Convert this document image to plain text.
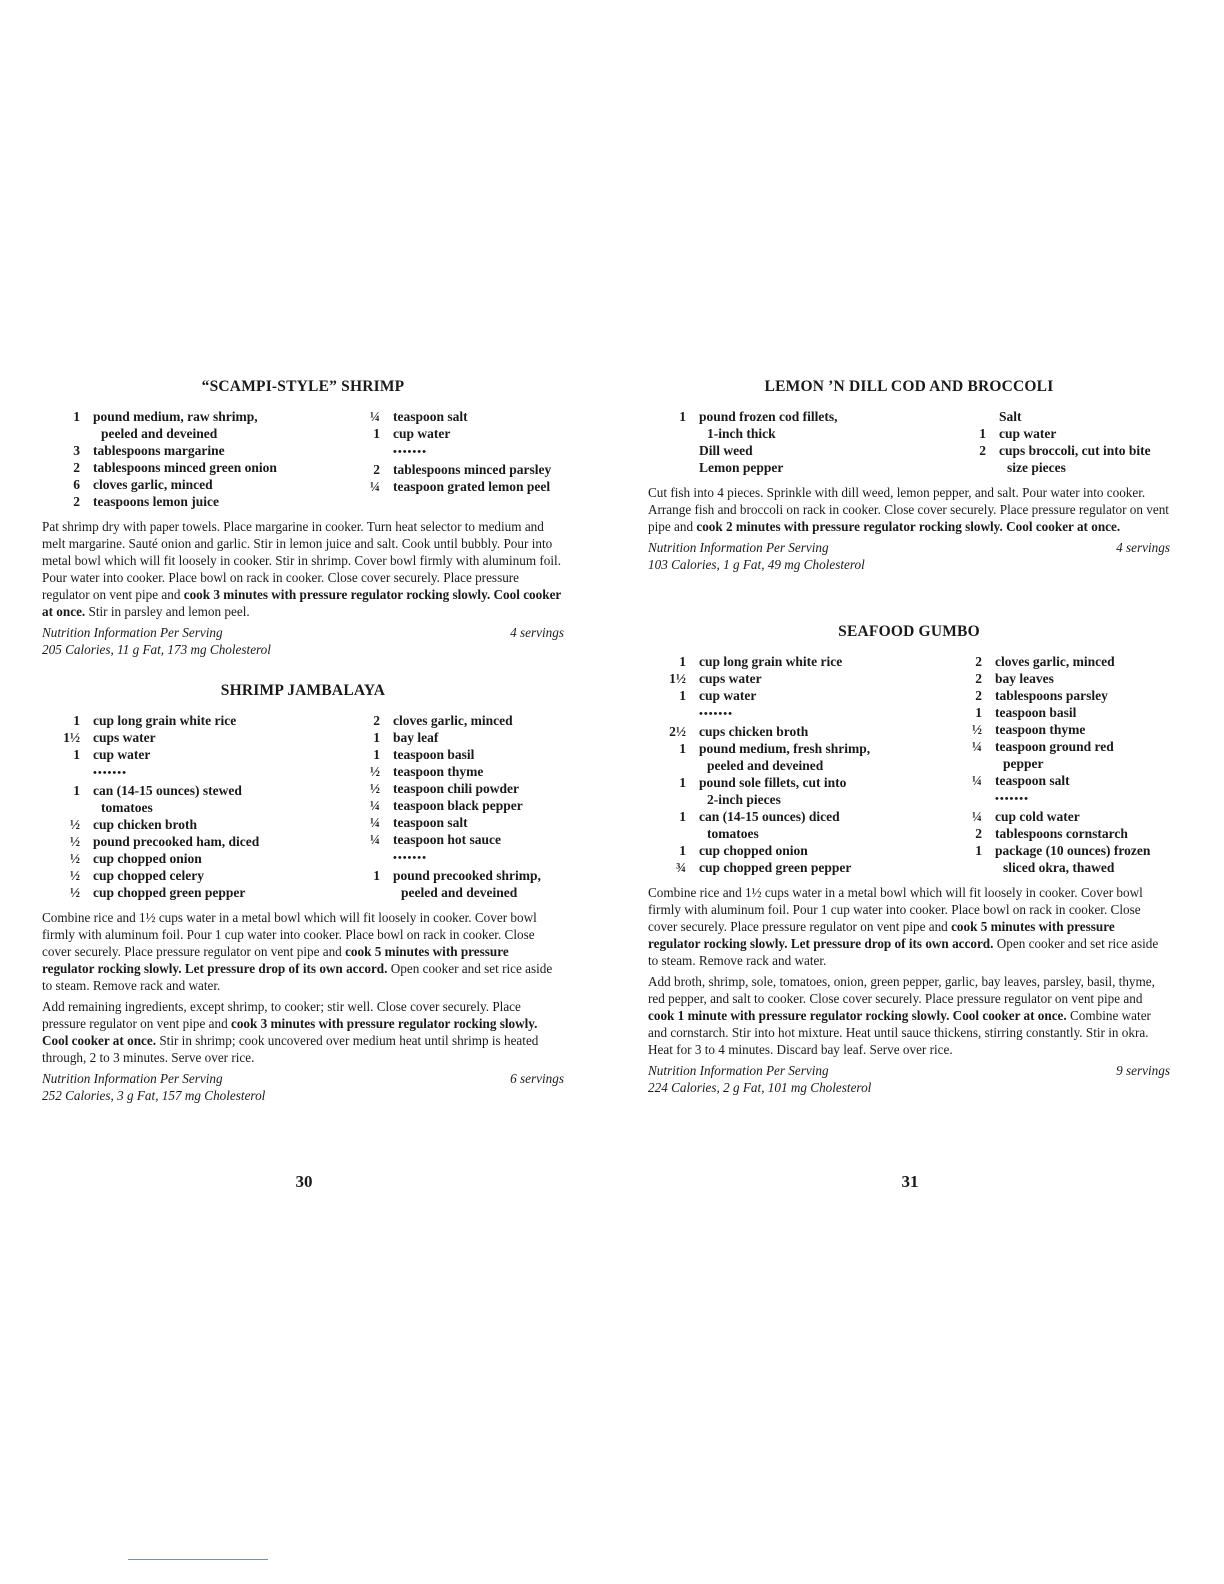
“SCAMPI-STYLE” SHRIMP
1 pound medium, raw shrimp,
peeled and deveined
3 tablespoons margarine
2 tablespoons minced green onion
6 cloves garlic, minced
2 teaspoons lemon juice
¼ teaspoon salt
1 cup water
•••••••
2 tablespoons minced parsley
¼ teaspoon grated lemon peel

Pat shrimp dry with paper towels. Place margarine in cooker. Turn heat selector to medium and melt margarine. Sauté onion and garlic. Stir in lemon juice and salt. Cook until bubbly. Pour into metal bowl which will fit loosely in cooker. Stir in shrimp. Cover bowl firmly with aluminum foil. Pour water into cooker. Place bowl on rack in cooker. Close cover securely. Place pressure regulator on vent pipe and cook 3 minutes with pressure regulator rocking slowly. Cool cooker at once. Stir in parsley and lemon peel.

Nutrition Information Per Serving	4 servings
205 Calories, 11 g Fat, 173 mg Cholesterol
SHRIMP JAMBALAYA
1 cup long grain white rice
1½ cups water
1 cup water
•••••••
1 can (14-15 ounces) stewed
tomatoes
½ cup chicken broth
½ pound precooked ham, diced
½ cup chopped onion
½ cup chopped celery
½ cup chopped green pepper
2 cloves garlic, minced
1 bay leaf
1 teaspoon basil
½ teaspoon thyme
½ teaspoon chili powder
¼ teaspoon black pepper
¼ teaspoon salt
¼ teaspoon hot sauce
•••••••
1 pound precooked shrimp,
peeled and deveined

Combine rice and 1½ cups water in a metal bowl which will fit loosely in cooker. Cover bowl firmly with aluminum foil. Pour 1 cup water into cooker. Place bowl on rack in cooker. Close cover securely. Place pressure regulator on vent pipe and cook 5 minutes with pressure regulator rocking slowly. Let pressure drop of its own accord. Open cooker and set rice aside to steam. Remove rack and water.

Add remaining ingredients, except shrimp, to cooker; stir well. Close cover securely. Place pressure regulator on vent pipe and cook 3 minutes with pressure regulator rocking slowly. Cool cooker at once. Stir in shrimp; cook uncovered over medium heat until shrimp is heated through, 2 to 3 minutes. Serve over rice.

Nutrition Information Per Serving	6 servings
252 Calories, 3 g Fat, 157 mg Cholesterol
LEMON ’N DILL COD AND BROCCOLI
1 pound frozen cod fillets,
1-inch thick
Dill weed
Lemon pepper
Salt
1 cup water
2 cups broccoli, cut into bite
size pieces

Cut fish into 4 pieces. Sprinkle with dill weed, lemon pepper, and salt. Pour water into cooker. Arrange fish and broccoli on rack in cooker. Close cover securely. Place pressure regulator on vent pipe and cook 2 minutes with pressure regulator rocking slowly. Cool cooker at once.

Nutrition Information Per Serving	4 servings
103 Calories, 1 g Fat, 49 mg Cholesterol
SEAFOOD GUMBO
1 cup long grain white rice
1½ cups water
1 cup water
•••••••
2½ cups chicken broth
1 pound medium, fresh shrimp,
peeled and deveined
1 pound sole fillets, cut into
2-inch pieces
1 can (14-15 ounces) diced
tomatoes
1 cup chopped onion
¾ cup chopped green pepper
2 cloves garlic, minced
2 bay leaves
2 tablespoons parsley
1 teaspoon basil
½ teaspoon thyme
¼ teaspoon ground red
pepper
¼ teaspoon salt
•••••••
¼ cup cold water
2 tablespoons cornstarch
1 package (10 ounces) frozen
sliced okra, thawed

Combine rice and 1½ cups water in a metal bowl which will fit loosely in cooker. Cover bowl firmly with aluminum foil. Pour 1 cup water into cooker. Place bowl on rack in cooker. Close cover securely. Place pressure regulator on vent pipe and cook 5 minutes with pressure regulator rocking slowly. Let pressure drop of its own accord. Open cooker and set rice aside to steam. Remove rack and water.

Add broth, shrimp, sole, tomatoes, onion, green pepper, garlic, bay leaves, parsley, basil, thyme, red pepper, and salt to cooker. Close cover securely. Place pressure regulator on vent pipe and cook 1 minute with pressure regulator rocking slowly. Cool cooker at once. Combine water and cornstarch. Stir into hot mixture. Heat until sauce thickens, stirring constantly. Stir in okra. Heat for 3 to 4 minutes. Discard bay leaf. Serve over rice.

Nutrition Information Per Serving	9 servings
224 Calories, 2 g Fat, 101 mg Cholesterol
30	31
